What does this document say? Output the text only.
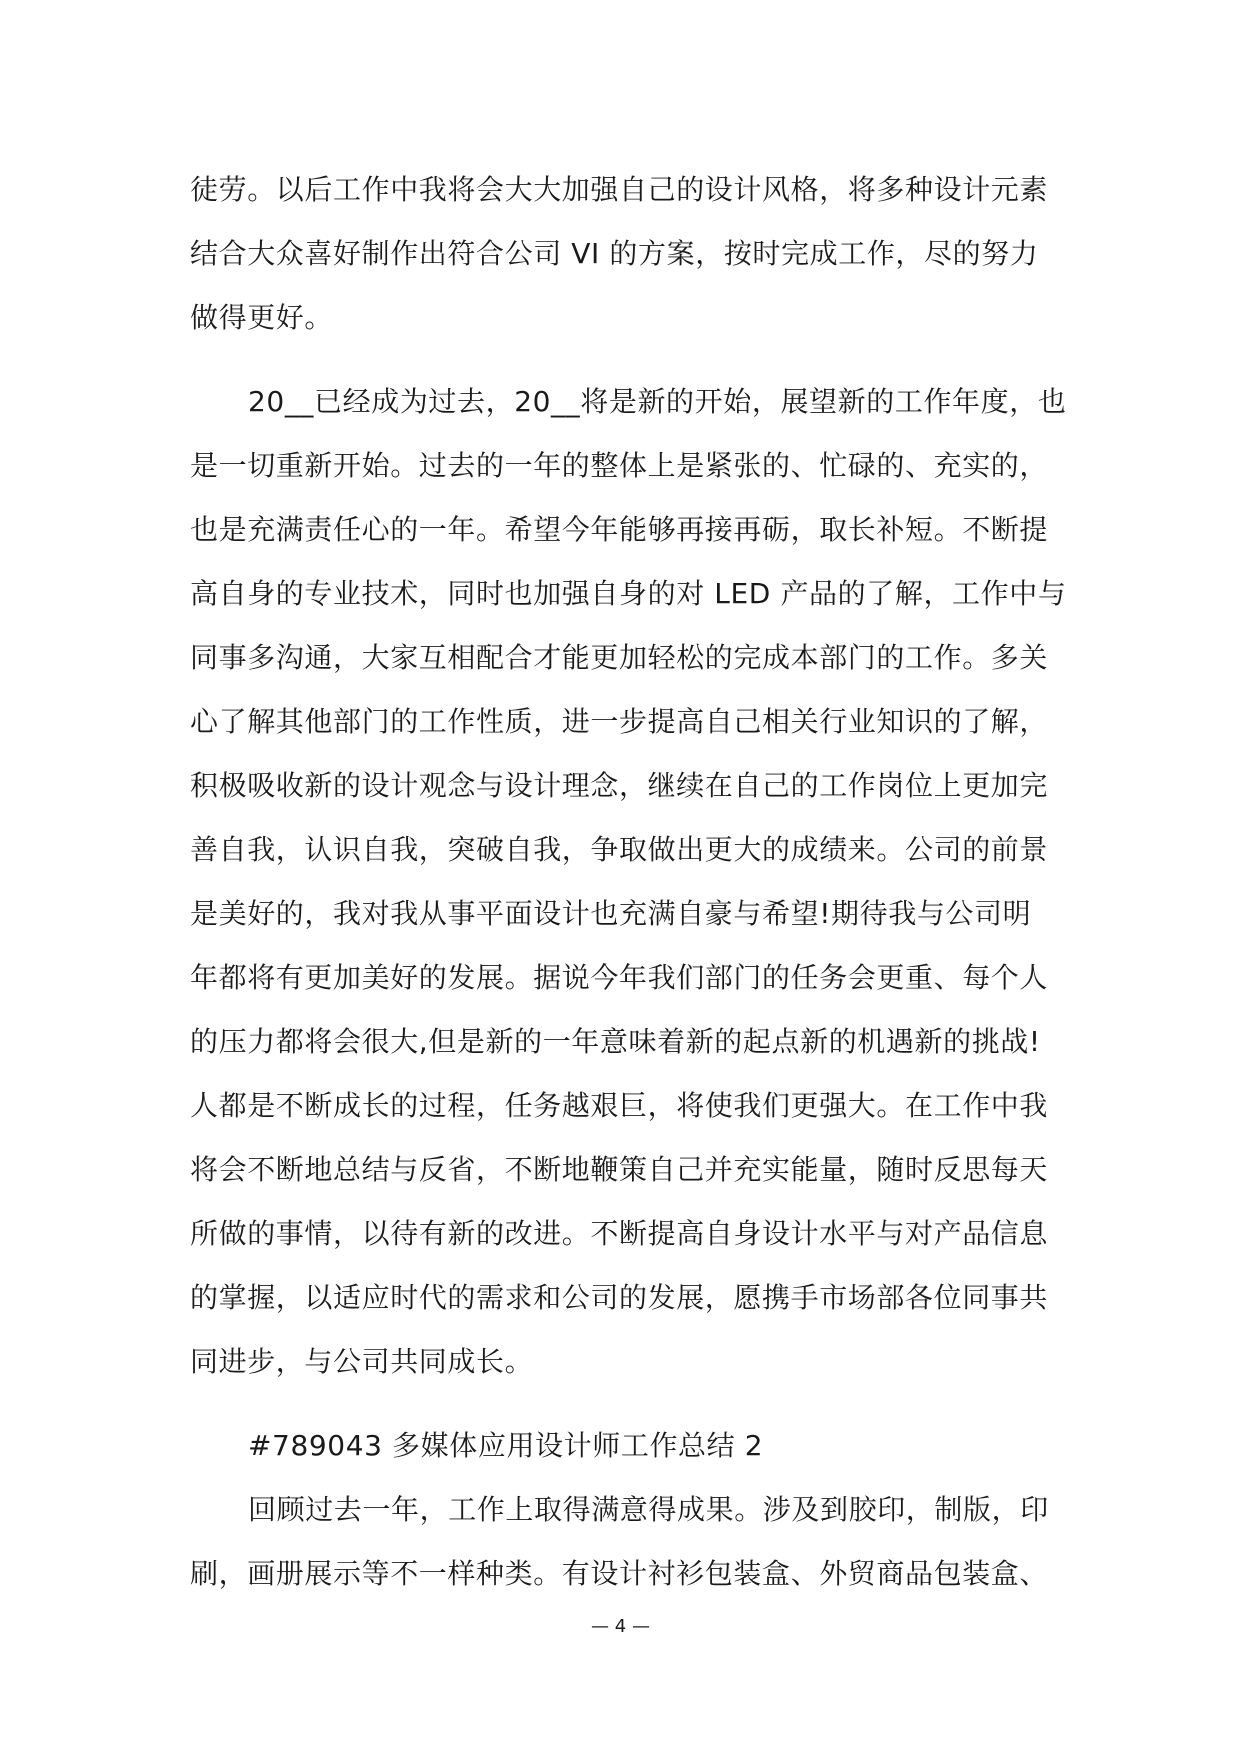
徒劳。以后工作中我将会大大加强自己的设计风格，将多种设计元素
结合大众喜好制作出符合公司 VI 的方案，按时完成工作，尽的努力
做得更好。
20__已经成为过去，20__将是新的开始，展望新的工作年度，也
是一切重新开始。过去的一年的整体上是紧张的、忙碌的、充实的，
也是充满责任心的一年。希望今年能够再接再砺，取长补短。不断提
高自身的专业技术，同时也加强自身的对 LED 产品的了解，工作中与
同事多沟通，大家互相配合才能更加轻松的完成本部门的工作。多关
心了解其他部门的工作性质，进一步提高自己相关行业知识的了解，
积极吸收新的设计观念与设计理念，继续在自己的工作岗位上更加完
善自我，认识自我，突破自我，争取做出更大的成绩来。公司的前景
是美好的，我对我从事平面设计也充满自豪与希望!期待我与公司明
年都将有更加美好的发展。据说今年我们部门的任务会更重、每个人
的压力都将会很大,但是新的一年意味着新的起点新的机遇新的挑战!
人都是不断成长的过程，任务越艰巨，将使我们更强大。在工作中我
将会不断地总结与反省，不断地鞭策自己并充实能量，随时反思每天
所做的事情，以待有新的改进。不断提高自身设计水平与对产品信息
的掌握，以适应时代的需求和公司的发展，愿携手市场部各位同事共
同进步，与公司共同成长。
#789043 多媒体应用设计师工作总结 2
回顾过去一年，工作上取得满意得成果。涉及到胶印，制版，印
刷，画册展示等不一样种类。有设计衬衫包装盒、外贸商品包装盒、
— 4 —
